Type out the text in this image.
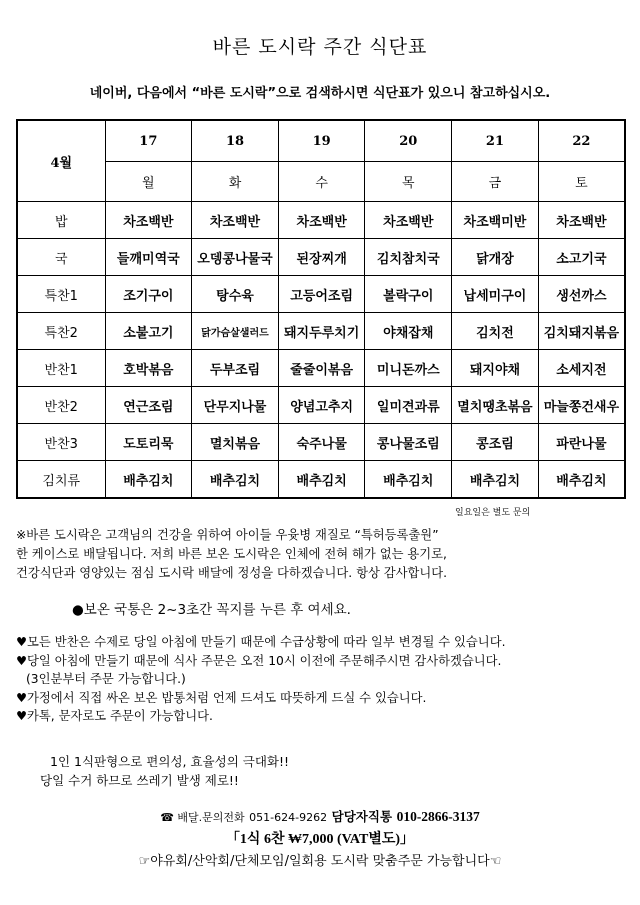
바른 도시락 주간 식단표
네이버, 다음에서 “바른 도시락”으로 검색하시면 식단표가 있으니 참고하십시오.
4월	17	18	19	20	21	22
	월	화	수	목	금	토
밥	차조백반	차조백반	차조백반	차조백반	차조백미반	차조백반
국	들깨미역국	오뎅콩나물국	된장찌개	김치참치국	닭개장	소고기국
특찬1	조기구이	탕수육	고등어조림	볼락구이	납세미구이	생선까스
특찬2	소불고기	닭가슴살샐러드	돼지두루치기	야채잡채	김치전	김치돼지볶음
반찬1	호박볶음	두부조림	줄줄이볶음	미니돈까스	돼지야채	소세지전
반찬2	연근조림	단무지나물	양념고추지	일미견과류	멸치땡초볶음	마늘쫑건새우
반찬3	도토리묵	멸치볶음	숙주나물	콩나물조림	콩조림	파란나물
김치류	배추김치	배추김치	배추김치	배추김치	배추김치	배추김치
일요일은 별도 문의
※바른 도시락은 고객님의 건강을 위하여 아이들 우윳병 재질로 “특허등록출원”
한 케이스로 배달됩니다. 저희 바른 보온 도시락은 인체에 전혀 해가 없는 용기로,
건강식단과 영양있는 점심 도시락 배달에 정성을 다하겠습니다. 항상 감사합니다.
●보온 국통은 2~3초간 꼭지를 누른 후 여세요.
♥모든 반찬은 수제로 당일 아침에 만들기 때문에 수급상황에 따라 일부 변경될 수 있습니다.
♥당일 아침에 만들기 때문에 식사 주문은 오전 10시 이전에 주문해주시면 감사하겠습니다.
(3인분부터 주문 가능합니다.)
♥가정에서 직접 싸온 보온 밥통처럼 언제 드셔도 따뜻하게 드실 수 있습니다.
♥카톡, 문자로도 주문이 가능합니다.
1인 1식판형으로 편의성, 효율성의 극대화!!
당일 수거 하므로 쓰레기 발생 제로!!
☎ 배달.문의전화 051-624-9262 담당자직통 010-2866-3137
「1식 6찬 ₩7,000 (VAT별도)」
☞야유회/산악회/단체모임/일회용 도시락 맞춤주문 가능합니다☜
